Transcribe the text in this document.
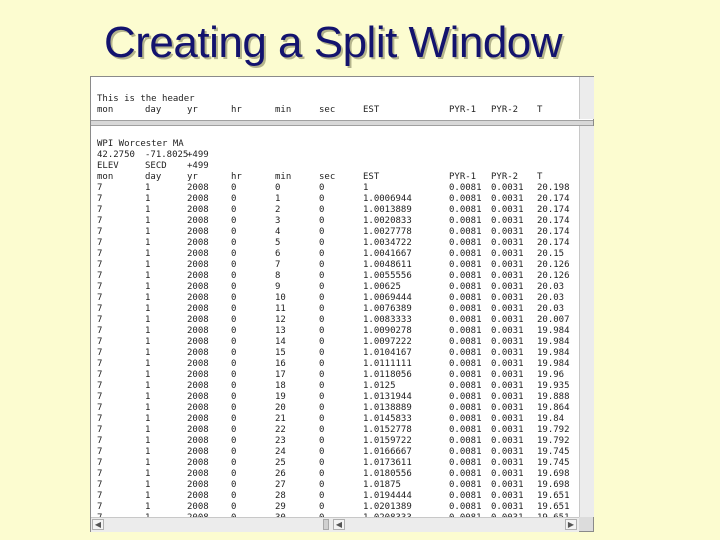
Creating a Split Window
This is the header
mon	day	yr	hr	min	sec	EST	PYR-1 PYR-2 T
WPI Worcester MA
42.2750 -71.8025
+499
ELEV	SECD +499
mon	day	yr	hr	min	sec	EST	PYR-1 PYR-2 T
7	1	2008 0	0	0	1	0.0081 0.0031 20.198
7	1	2008 0	1	0	1.0006944	0.0081 0.0031 20.174
7	1	2008 0	2	0	1.0013889	0.0081 0.0031 20.174
7	1	2008 0	3	0	1.0020833	0.0081 0.0031 20.174
7	1	2008 0	4	0	1.0027778	0.0081 0.0031 20.174
7	1	2008 0	5	0	1.0034722	0.0081 0.0031 20.174
7	1	2008 0	6	0	1.0041667	0.0081 0.0031 20.15
7	1	2008 0	7	0	1.0048611	0.0081 0.0031 20.126
7	1	2008 0	8	0	1.0055556	0.0081 0.0031 20.126
7	1	2008 0	9	0	1.00625	0.0081 0.0031 20.03
7	1	2008 0	10	0	1.0069444	0.0081 0.0031 20.03
7	1	2008 0	11	0	1.0076389	0.0081 0.0031 20.03
7	1	2008 0	12	0	1.0083333	0.0081 0.0031 20.007
7	1	2008 0	13	0	1.0090278	0.0081 0.0031 19.984
7	1	2008 0	14	0	1.0097222	0.0081 0.0031 19.984
7	1	2008 0	15	0	1.0104167	0.0081 0.0031 19.984
7	1	2008 0	16	0	1.0111111	0.0081 0.0031 19.984
7	1	2008 0	17	0	1.0118056	0.0081 0.0031 19.96
7	1	2008 0	18	0	1.0125	0.0081 0.0031 19.935
7	1	2008 0	19	0	1.0131944	0.0081 0.0031 19.888
7	1	2008 0	20	0	1.0138889	0.0081 0.0031 19.864
7	1	2008 0	21	0	1.0145833	0.0081 0.0031 19.84
7	1	2008 0	22	0	1.0152778	0.0081 0.0031 19.792
7	1	2008 0	23	0	1.0159722	0.0081 0.0031 19.792
7	1	2008 0	24	0	1.0166667	0.0081 0.0031 19.745
7	1	2008 0	25	0	1.0173611	0.0081 0.0031 19.745
7	1	2008 0	26	0	1.0180556	0.0081 0.0031 19.698
7	1	2008 0	27	0	1.01875	0.0081 0.0031 19.698
7	1	2008 0	28	0	1.0194444	0.0081 0.0031 19.651
7	1	2008 0	29	0	1.0201389	0.0081 0.0031 19.651
◀	◀	▶
